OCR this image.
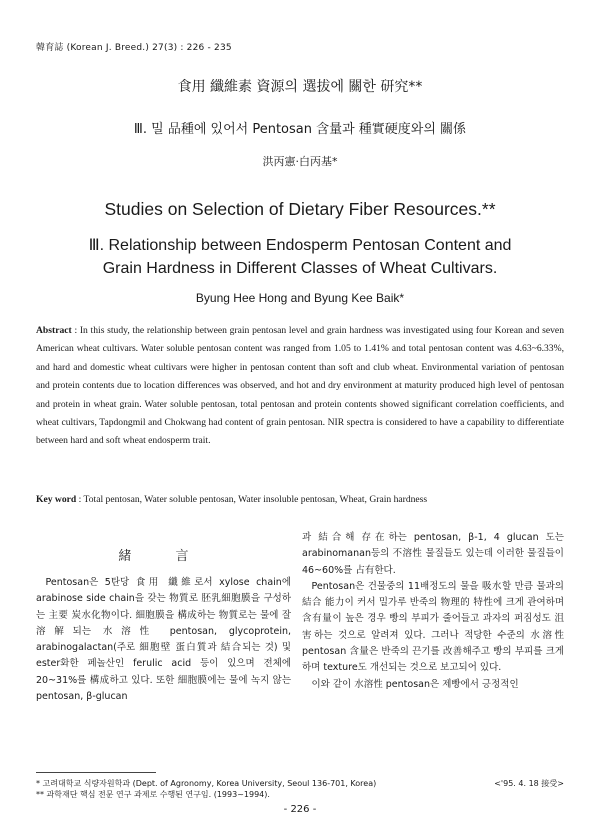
韓育誌 (Korean J. Breed.) 27(3) : 226 - 235
食用 纖維素 資源의 選拔에 關한 研究**
Ⅲ. 밀 品種에 있어서 Pentosan 含量과 種實硬度와의 關係
洪丙憲·白丙基*
Studies on Selection of Dietary Fiber Resources.**
Ⅲ. Relationship between Endosperm Pentosan Content and
Grain Hardness in Different Classes of Wheat Cultivars.
Byung Hee Hong and Byung Kee Baik*
Abstract : In this study, the relationship between grain pentosan level and grain hardness was investigated using four Korean and seven American wheat cultivars. Water soluble pentosan content was ranged from 1.05 to 1.41% and total pentosan content was 4.63~6.33%, and hard and domestic wheat cultivars were higher in pentosan content than soft and club wheat. Environmental variation of pentosan and protein contents due to location differences was observed, and hot and dry environment at maturity produced high level of pentosan and protein in wheat grain. Water soluble pentosan, total pentosan and protein contents showed significant correlation coefficients, and wheat cultivars, Tapdongmil and Chokwang had content of grain pentosan. NIR spectra is considered to have a capability to differentiate between hard and soft wheat endosperm trait.
Key word : Total pentosan, Water soluble pentosan, Water insoluble pentosan, Wheat, Grain hardness
緒 言
Pentosan은 5탄당 食用 纖維로서 xylose chain에 arabinose side chain을 갖는 物質로 胚乳細胞膜을 구성하는 主要 炭水化物이다. 細胞膜을 構成하는 物質로는 물에 잘 溶解되는 水溶性 pentosan, glycoprotein, arabinogalactan(주로 細胞壁 蛋白質과 結合되는 것) 및 ester화한 페놀산인 ferulic acid 등이 있으며 전체에 20~31%를 構成하고 있다. 또한 細胞膜에는 물에 녹지 않는 pentosan, β-glucan
과 結合해 存在하는 pentosan, β-1, 4 glucan 도는 arabinomanan등의 不溶性 물질들도 있는데 이러한 물질들이 46~60%를 占有한다.
Pentosan은 건물중의 11배정도의 물을 吸水할 만큼 물과의 結合 能力이 커서 밀가루 반죽의 物理的 特性에 크게 관여하며 含有量이 높은 경우 빵의 부피가 줄어들고 과자의 퍼짐성도 沮害하는 것으로 알려져 있다. 그러나 적당한 수준의 水溶性 pentosan 含量은 반죽의 끈기를 改善해주고 빵의 부피를 크게 하며 texture도 개선되는 것으로 보고되어 있다.
이와 같이 水溶性 pentosan은 제빵에서 긍정적인
* 고려대학교 식량자원학과 (Dept. of Agronomy, Korea University, Seoul 136-701, Korea)
** 과학재단 핵심 전문 연구 과제로 수행된 연구임. (1993~1994).
<'95. 4. 18 接受>
- 226 -
